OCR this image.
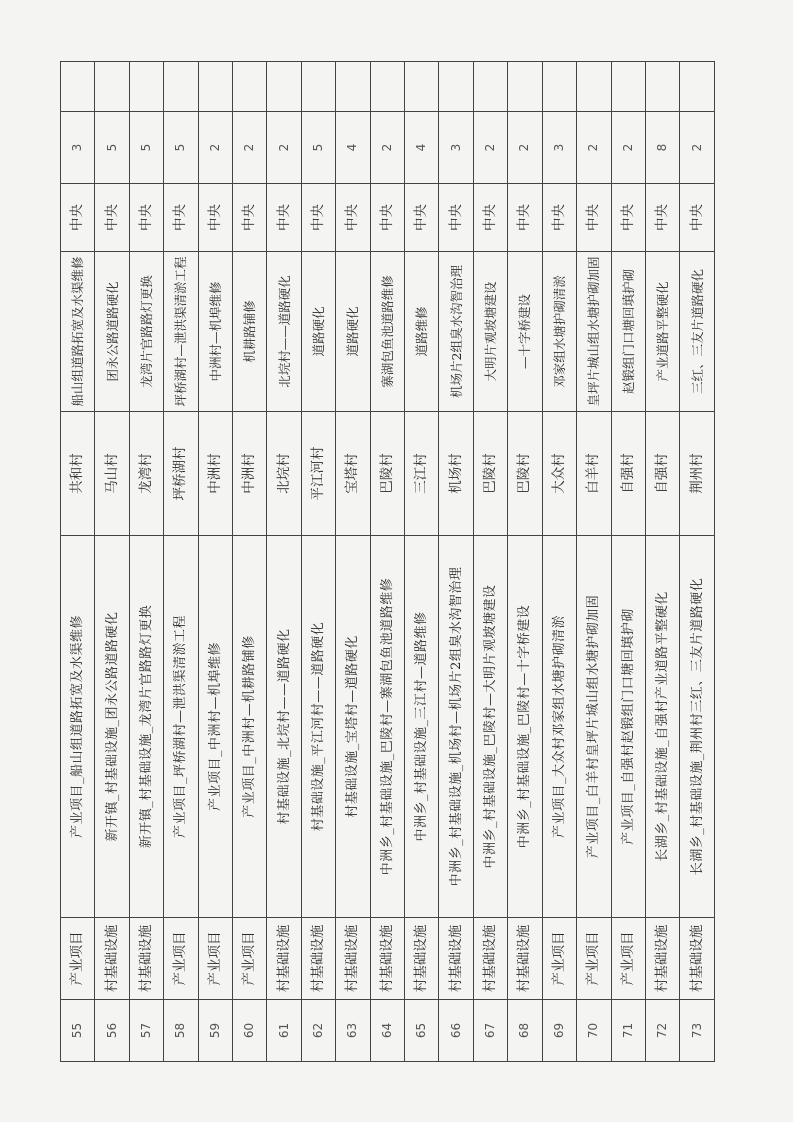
55	产业项目	产业项目_船山组道路拓宽及水渠维修	共和村	船山组道路拓宽及水渠维修	中央	3	
56	村基础设施	新开镇_村基础设施_团永公路道路硬化	马山村	团永公路道路硬化	中央	5	
57	村基础设施	新开镇_村基础设施_龙湾片官路路灯更换	龙湾村	龙湾片官路路灯更换	中央	5	
58	产业项目	产业项目_坪桥湖村—泄洪渠清淤工程	坪桥湖村	坪桥湖村—泄洪渠清淤工程	中央	5	
59	产业项目	产业项目_中洲村—机埠维修	中洲村	中洲村—机埠维修	中央	2	
60	产业项目	产业项目_中洲村—机耕路铺修	中洲村	机耕路铺修	中央	2	
61	村基础设施	村基础设施_北垸村——道路硬化	北垸村	北垸村——道路硬化	中央	2	
62	村基础设施	村基础设施_平江河村——道路硬化	平江河村	道路硬化	中央	5	
63	村基础设施	村基础设施_宝塔村—道路硬化	宝塔村	道路硬化	中央	4	
64	村基础设施	中洲乡_村基础设施_巴陵村—寨湖包鱼池道路维修	巴陵村	寨湖包鱼池道路维修	中央	2	
65	村基础设施	中洲乡_村基础设施_三江村—道路维修	三江村	道路维修	中央	4	
66	村基础设施	中洲乡_村基础设施_机场村—机场片2组臭水沟智治理	机场村	机场片2组臭水沟智治理	中央	3	
67	村基础设施	中洲乡_村基础设施_巴陵村—大明片观坡塘建设	巴陵村	大明片观坡塘建设	中央	2	
68	村基础设施	中洲乡_村基础设施_巴陵村—十字桥建设	巴陵村	—十字桥建设	中央	2	
69	产业项目	产业项目_大众村邓家组水塘护砌清淤	大众村	邓家组水塘护砌清淤	中央	3	
70	产业项目	产业项目_白羊村皇坪片城山组水塘护砌加固	白羊村	皇坪片城山组水塘护砌加固	中央	2	
71	产业项目	产业项目_自强村赵锻组门口塘回填护砌	自强村	赵锻组门口塘回填护砌	中央	2	
72	村基础设施	长湖乡_村基础设施_自强村产业道路平整硬化	自强村	产业道路平整硬化	中央	8	
73	村基础设施	长湖乡_村基础设施_荆州村三红、三友片道路硬化	荆州村	三红、三友片道路硬化	中央	2	
